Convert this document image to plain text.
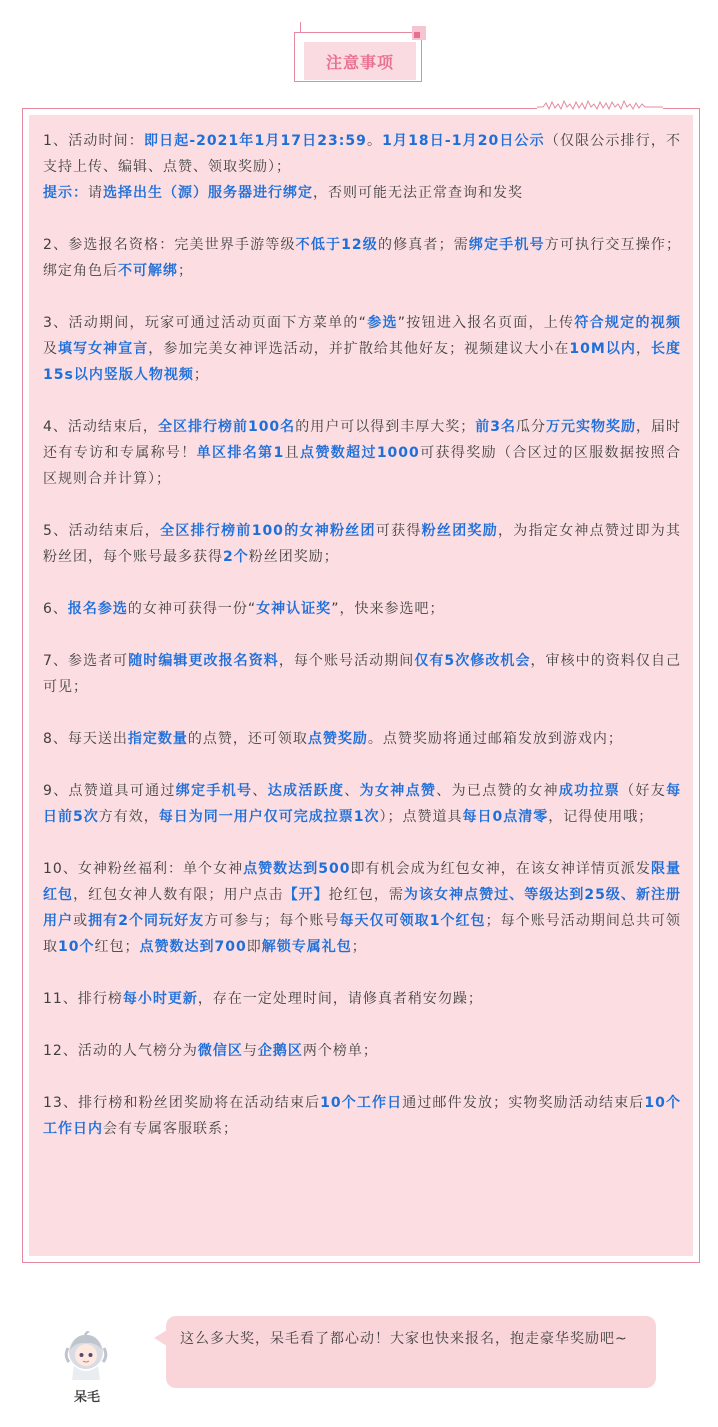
注意事项
1、活动时间：即日起-2021年1月17日23:59。1月18日-1月20日公示（仅限公示排行，不支持上传、编辑、点赞、领取奖励）；
提示：请选择出生（源）服务器进行绑定，否则可能无法正常查询和发奖
2、参选报名资格：完美世界手游等级不低于12级的修真者；需绑定手机号方可执行交互操作；绑定角色后不可解绑；
3、活动期间，玩家可通过活动页面下方菜单的“参选”按钮进入报名页面，上传符合规定的视频及填写女神宣言，参加完美女神评选活动，并扩散给其他好友；视频建议大小在10M以内，长度15s以内竖版人物视频；
4、活动结束后，全区排行榜前100名的用户可以得到丰厚大奖；前3名瓜分万元实物奖励，届时还有专访和专属称号！单区排名第1且点赞数超过1000可获得奖励（合区过的区服数据按照合区规则合并计算）；
5、活动结束后，全区排行榜前100的女神粉丝团可获得粉丝团奖励，为指定女神点赞过即为其粉丝团，每个账号最多获得2个粉丝团奖励；
6、报名参选的女神可获得一份“女神认证奖”，快来参选吧；
7、参选者可随时编辑更改报名资料，每个账号活动期间仅有5次修改机会，审核中的资料仅自己可见；
8、每天送出指定数量的点赞，还可领取点赞奖励。点赞奖励将通过邮箱发放到游戏内；
9、点赞道具可通过绑定手机号、达成活跃度、为女神点赞、为已点赞的女神成功拉票（好友每日前5次方有效，每日为同一用户仅可完成拉票1次）；点赞道具每日0点清零，记得使用哦；
10、女神粉丝福利：单个女神点赞数达到500即有机会成为红包女神，在该女神详情页派发限量红包，红包女神人数有限；用户点击【开】抢红包，需为该女神点赞过、等级达到25级、新注册用户或拥有2个同玩好友方可参与；每个账号每天仅可领取1个红包；每个账号活动期间总共可领取10个红包；点赞数达到700即解锁专属礼包；
11、排行榜每小时更新，存在一定处理时间，请修真者稍安勿躁；
12、活动的人气榜分为微信区与企鹅区两个榜单；
13、排行榜和粉丝团奖励将在活动结束后10个工作日通过邮件发放；实物奖励活动结束后10个工作日内会有专属客服联系；
呆毛
这么多大奖，呆毛看了都心动！大家也快来报名，抱走豪华奖励吧~
